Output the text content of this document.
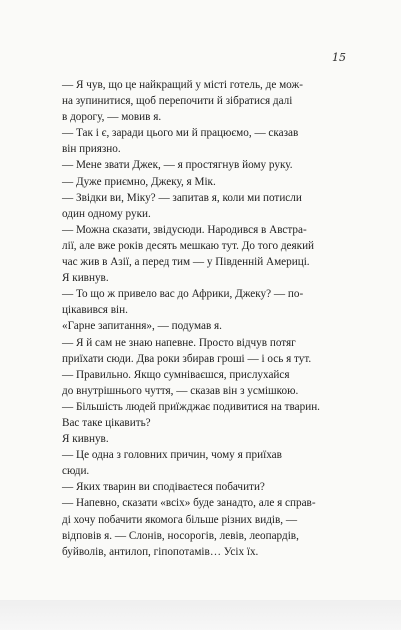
15

— Я чув, що це найкращий у місті готель, де мож-
на зупинитися, щоб перепочити й зібратися далі
в дорогу, — мовив я.

— Так і є, заради цього ми й працюємо, — сказав
він приязно.

— Мене звати Джек, — я простягнув йому руку.

— Дуже приємно, Джеку, я Мік.

— Звідки ви, Міку? — запитав я, коли ми потисли
один одному руки.

— Можна сказати, звідусюди. Народився в Австра-
лії, але вже років десять мешкаю тут. До того деякий
час жив в Азії, а перед тим — у Південній Америці.

Я кивнув.

— То що ж привело вас до Африки, Джеку? — по-
цікавився він.

«Гарне запитання», — подумав я.

— Я й сам не знаю напевне. Просто відчув потяг
приїхати сюди. Два роки збирав гроші — і ось я тут.

— Правильно. Якщо сумніваєшся, прислухайся
до внутрішнього чуття, — сказав він з усмішкою.
— Більшість людей приїжджає подивитися на тварин.
Вас таке цікавить?

Я кивнув.

— Це одна з головних причин, чому я приїхав
сюди.

— Яких тварин ви сподіваєтеся побачити?

— Напевно, сказати «всіх» буде занадто, але я справ-
ді хочу побачити якомога більше різних видів, —
відповів я. — Слонів, носорогів, левів, леопардів,
буйволів, антилоп, гіпопотамів… Усіх їх.
